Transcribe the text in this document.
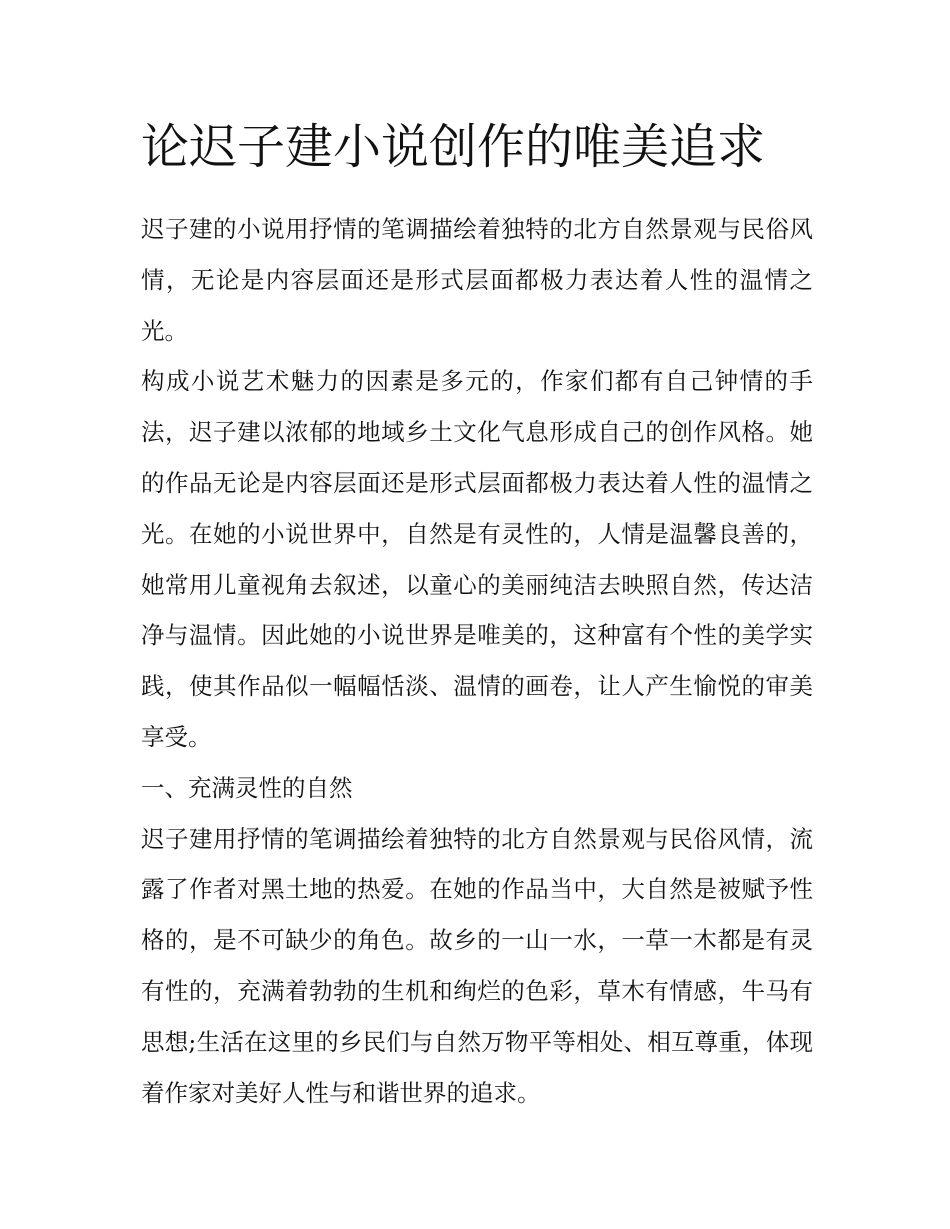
论迟子建小说创作的唯美追求

迟子建的小说用抒情的笔调描绘着独特的北方自然景观与民俗风情，无论是内容层面还是形式层面都极力表达着人性的温情之光。

构成小说艺术魅力的因素是多元的，作家们都有自己钟情的手法，迟子建以浓郁的地域乡土文化气息形成自己的创作风格。她的作品无论是内容层面还是形式层面都极力表达着人性的温情之光。在她的小说世界中，自然是有灵性的，人情是温馨良善的，她常用儿童视角去叙述，以童心的美丽纯洁去映照自然，传达洁净与温情。因此她的小说世界是唯美的，这种富有个性的美学实践，使其作品似一幅幅恬淡、温情的画卷，让人产生愉悦的审美享受。

一、充满灵性的自然

迟子建用抒情的笔调描绘着独特的北方自然景观与民俗风情，流露了作者对黑土地的热爱。在她的作品当中，大自然是被赋予性格的，是不可缺少的角色。故乡的一山一水，一草一木都是有灵有性的，充满着勃勃的生机和绚烂的色彩，草木有情感，牛马有思想;生活在这里的乡民们与自然万物平等相处、相互尊重，体现着作家对美好人性与和谐世界的追求。
